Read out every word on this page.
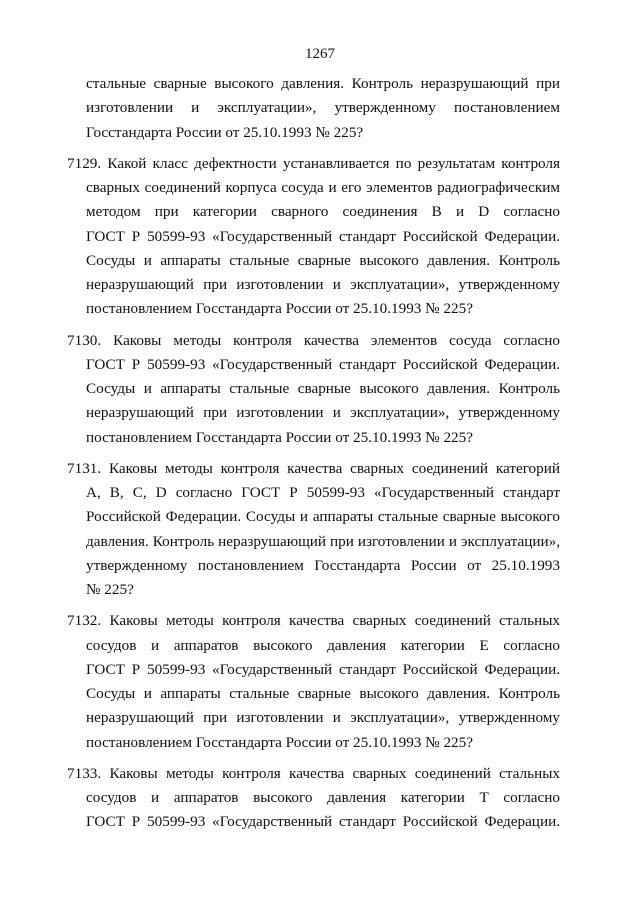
1267
стальные сварные высокого давления. Контроль неразрушающий при
изготовлении и эксплуатации», утвержденному постановлением
Госстандарта России от 25.10.1993 № 225?
7129. Какой класс дефектности устанавливается по результатам контроля
сварных соединений корпуса сосуда и его элементов радиографическим
методом при категории сварного соединения В и D согласно
ГОСТ Р 50599-93 «Государственный стандарт Российской Федерации.
Сосуды и аппараты стальные сварные высокого давления. Контроль
неразрушающий при изготовлении и эксплуатации», утвержденному
постановлением Госстандарта России от 25.10.1993 № 225?
7130. Каковы методы контроля качества элементов сосуда согласно
ГОСТ Р 50599-93 «Государственный стандарт Российской Федерации.
Сосуды и аппараты стальные сварные высокого давления. Контроль
неразрушающий при изготовлении и эксплуатации», утвержденному
постановлением Госстандарта России от 25.10.1993 № 225?
7131. Каковы методы контроля качества сварных соединений категорий
А, В, С, D согласно ГОСТ Р 50599-93 «Государственный стандарт
Российской Федерации. Сосуды и аппараты стальные сварные высокого
давления. Контроль неразрушающий при изготовлении и эксплуатации»,
утвержденному постановлением Госстандарта России от 25.10.1993
№ 225?
7132. Каковы методы контроля качества сварных соединений стальных
сосудов и аппаратов высокого давления категории Е согласно
ГОСТ Р 50599-93 «Государственный стандарт Российской Федерации.
Сосуды и аппараты стальные сварные высокого давления. Контроль
неразрушающий при изготовлении и эксплуатации», утвержденному
постановлением Госстандарта России от 25.10.1993 № 225?
7133. Каковы методы контроля качества сварных соединений стальных
сосудов и аппаратов высокого давления категории Т согласно
ГОСТ Р 50599-93 «Государственный стандарт Российской Федерации.
